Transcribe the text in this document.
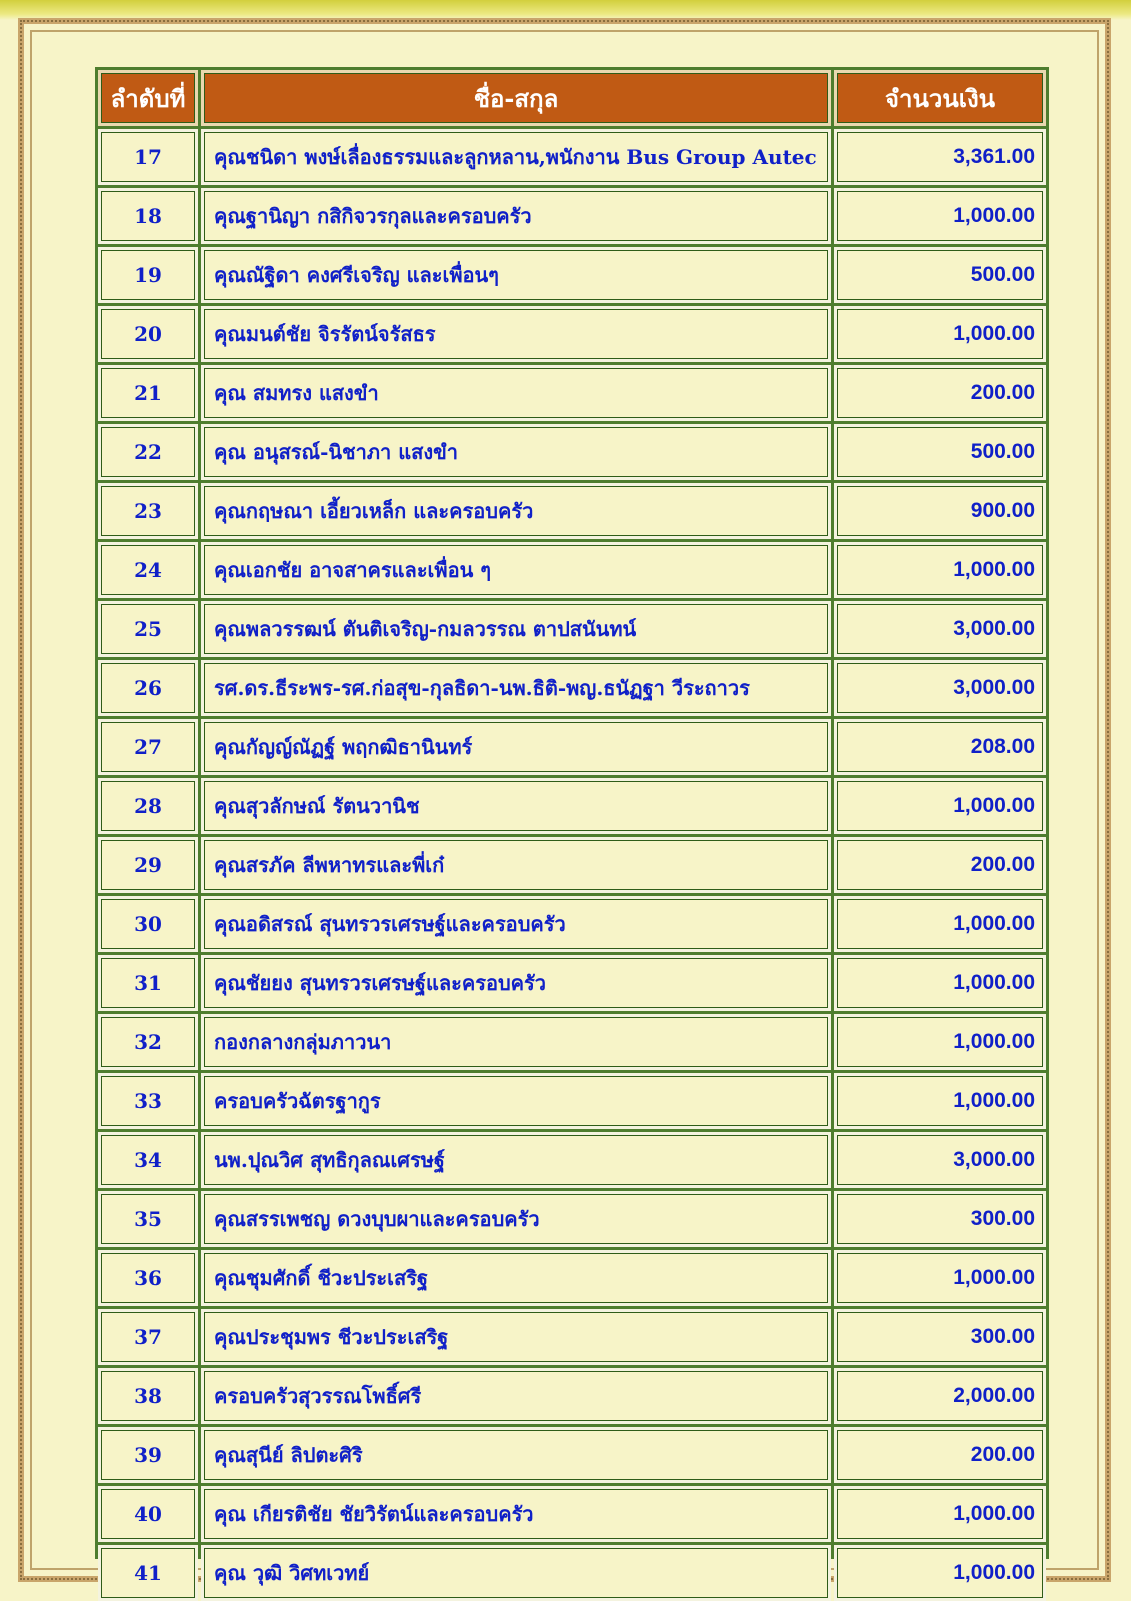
ลำดับที่	ชื่อ-สกุล	จำนวนเงิน
17	คุณชนิดา พงษ์เลื่องธรรมและลูกหลาน,พนักงาน Bus Group Autec	3,361.00
18	คุณฐานิญา กสิกิจวรกุลและครอบครัว	1,000.00
19	คุณณัฐิดา คงศรีเจริญ และเพื่อนๆ	500.00
20	คุณมนต์ชัย จิรรัตน์จรัสธร	1,000.00
21	คุณ สมทรง แสงขำ	200.00
22	คุณ อนุสรณ์-นิชาภา แสงขำ	500.00
23	คุณกฤษณา เอี้ยวเหล็ก และครอบครัว	900.00
24	คุณเอกชัย อาจสาครและเพื่อน ๆ	1,000.00
25	คุณพลวรรฒน์ ตันติเจริญ-กมลวรรณ ตาปสนันทน์	3,000.00
26	รศ.ดร.ธีระพร-รศ.ก่อสุข-กุลธิดา-นพ.ธิติ-พญ.ธนัฏฐา วีระถาวร	3,000.00
27	คุณกัญญ์ณัฏฐ์ พฤกฒิธานินทร์	208.00
28	คุณสุวลักษณ์ รัตนวานิช	1,000.00
29	คุณสรภัค ลีพหาทรและพี่เก๋	200.00
30	คุณอดิสรณ์ สุนทรวรเศรษฐ์และครอบครัว	1,000.00
31	คุณชัยยง สุนทรวรเศรษฐ์และครอบครัว	1,000.00
32	กองกลางกลุ่มภาวนา	1,000.00
33	ครอบครัวฉัตรฐากูร	1,000.00
34	นพ.ปุณวิศ สุทธิกุลณเศรษฐ์	3,000.00
35	คุณสรรเพชญ ดวงบุบผาและครอบครัว	300.00
36	คุณชุมศักดิ์ ชีวะประเสริฐ	1,000.00
37	คุณประชุมพร ชีวะประเสริฐ	300.00
38	ครอบครัวสุวรรณโพธิ์ศรี	2,000.00
39	คุณสุนีย์ ลิปตะศิริ	200.00
40	คุณ เกียรติชัย ชัยวิรัตน์และครอบครัว	1,000.00
41	คุณ วุฒิ วิศทเวทย์	1,000.00
